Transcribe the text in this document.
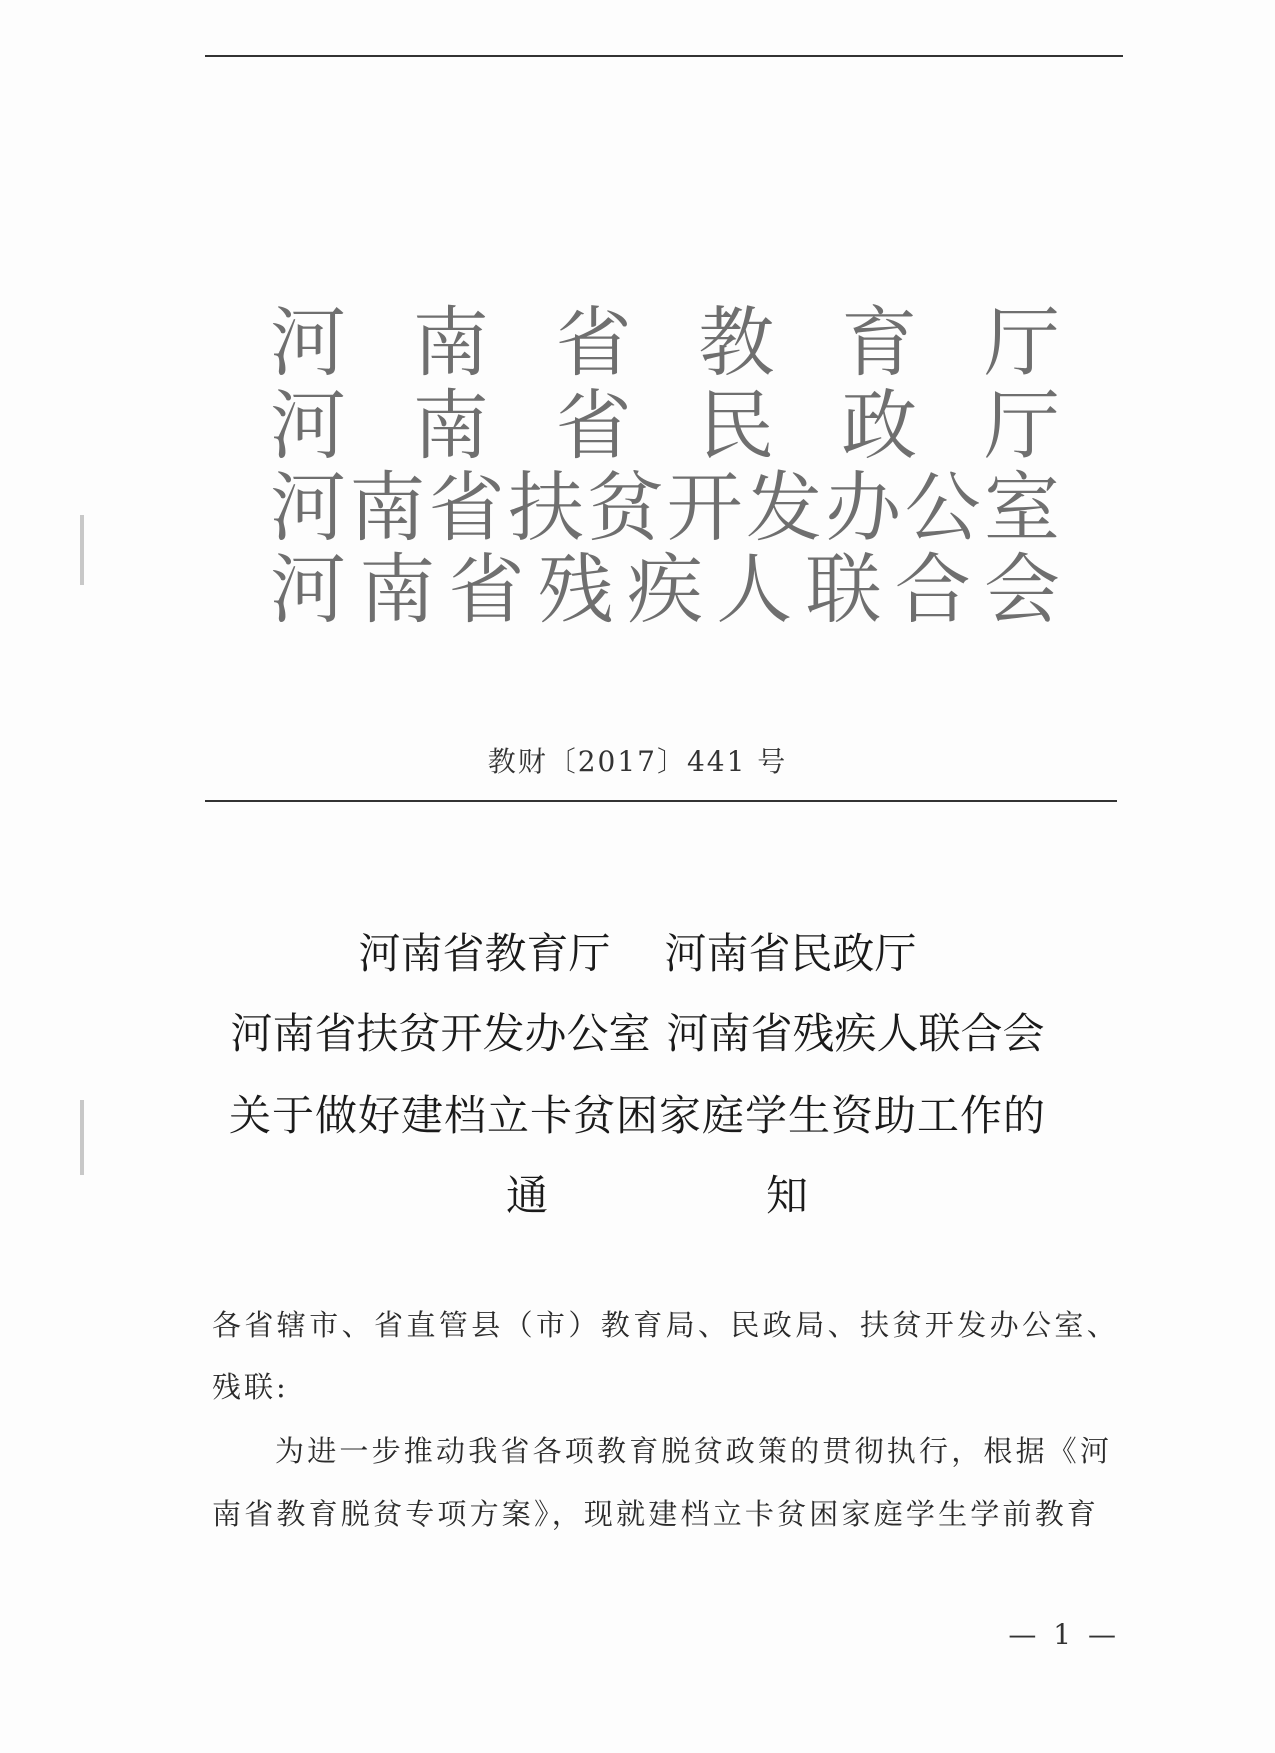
河 南 省 教 育 厅
河 南 省 民 政 厅
河 南 省 扶 贫 开 发 办 公 室
河 南 省 残 疾 人 联 合 会
教财〔2017〕441 号
河南省教育厅 河南省民政厅
河南省扶贫开发办公室 河南省残疾人联合会
关于做好建档立卡贫困家庭学生资助工作的
通	知
各省辖市、省直管县（市）教育局、民政局、扶贫开发办公室、
残联:
为进一步推动我省各项教育脱贫政策的贯彻执行，根据《河
南省教育脱贫专项方案》，现就建档立卡贫困家庭学生学前教育
— 1 —
